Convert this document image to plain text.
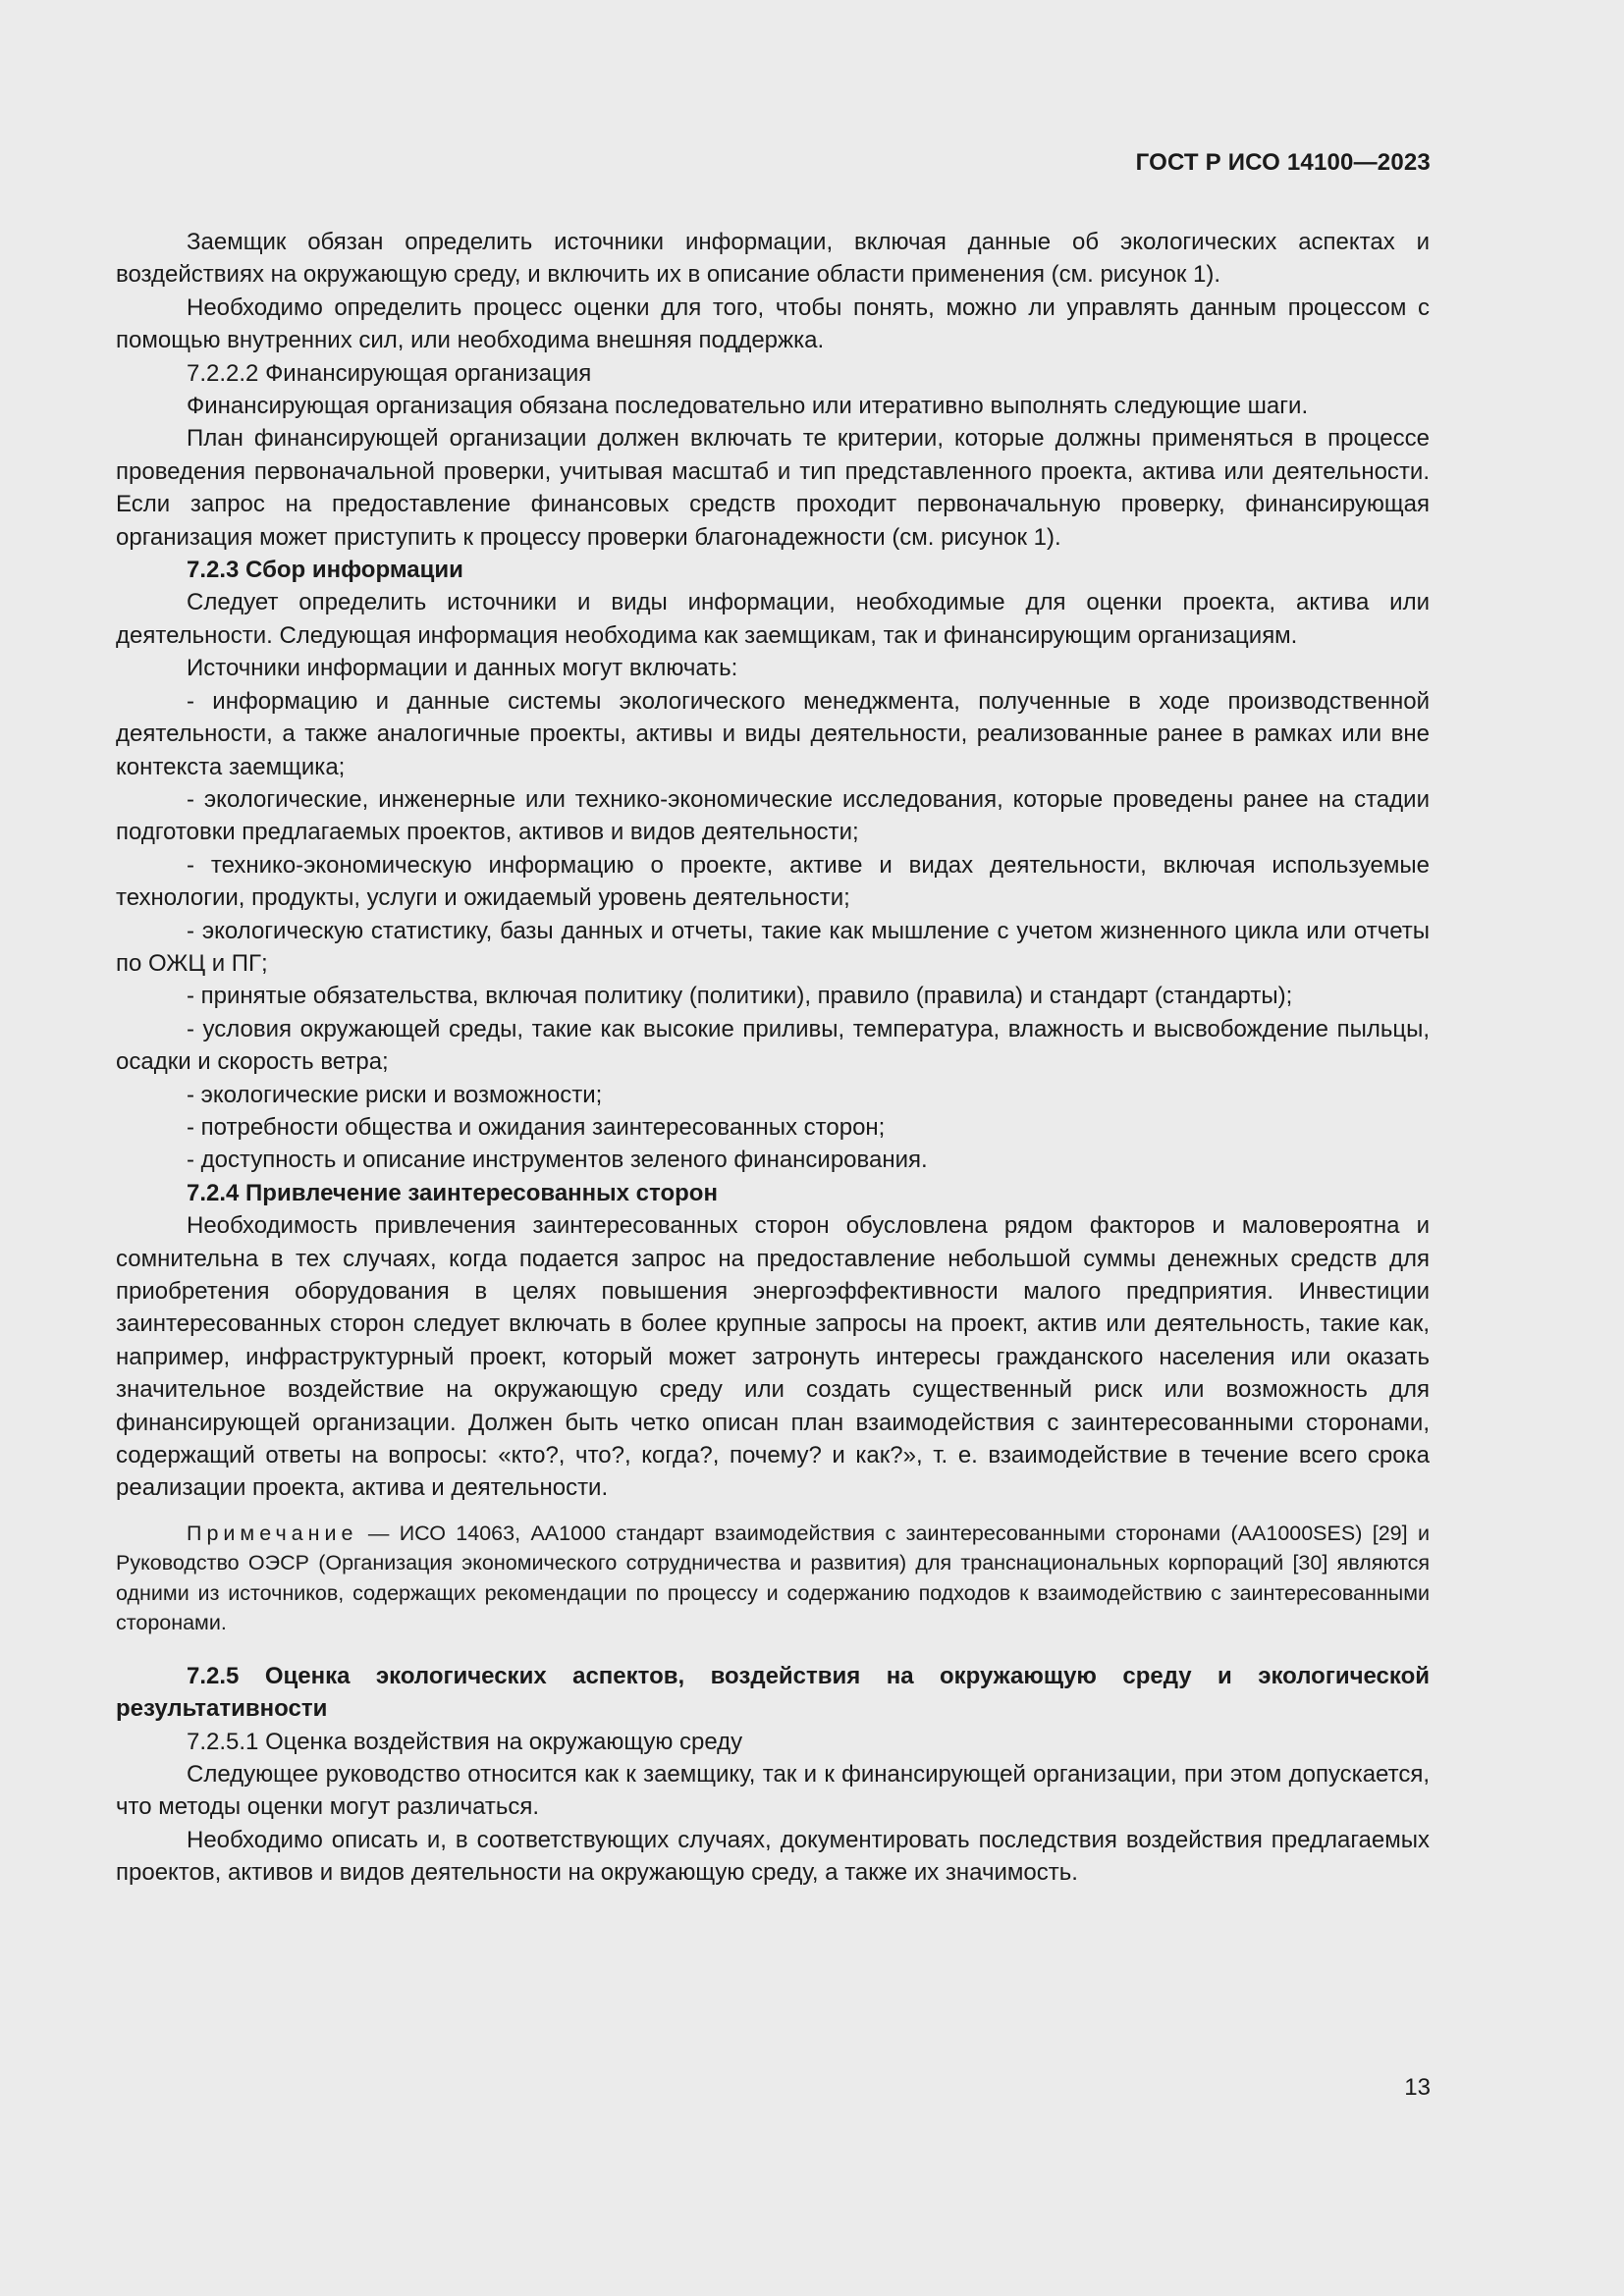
ГОСТ Р ИСО 14100—2023

Заемщик обязан определить источники информации, включая данные об экологических аспектах и воздействиях на окружающую среду, и включить их в описание области применения (см. рисунок 1).

Необходимо определить процесс оценки для того, чтобы понять, можно ли управлять данным процессом с помощью внутренних сил, или необходима внешняя поддержка.

7.2.2.2 Финансирующая организация

Финансирующая организация обязана последовательно или итеративно выполнять следующие шаги.

План финансирующей организации должен включать те критерии, которые должны применяться в процессе проведения первоначальной проверки, учитывая масштаб и тип представленного проекта, актива или деятельности. Если запрос на предоставление финансовых средств проходит первоначальную проверку, финансирующая организация может приступить к процессу проверки благонадежности (см. рисунок 1).

7.2.3 Сбор информации

Следует определить источники и виды информации, необходимые для оценки проекта, актива или деятельности. Следующая информация необходима как заемщикам, так и финансирующим организациям.

Источники информации и данных могут включать:

- информацию и данные системы экологического менеджмента, полученные в ходе производственной деятельности, а также аналогичные проекты, активы и виды деятельности, реализованные ранее в рамках или вне контекста заемщика;

- экологические, инженерные или технико-экономические исследования, которые проведены ранее на стадии подготовки предлагаемых проектов, активов и видов деятельности;

- технико-экономическую информацию о проекте, активе и видах деятельности, включая используемые технологии, продукты, услуги и ожидаемый уровень деятельности;

- экологическую статистику, базы данных и отчеты, такие как мышление с учетом жизненного цикла или отчеты по ОЖЦ и ПГ;

- принятые обязательства, включая политику (политики), правило (правила) и стандарт (стандарты);

- условия окружающей среды, такие как высокие приливы, температура, влажность и высвобождение пыльцы, осадки и скорость ветра;

- экологические риски и возможности;

- потребности общества и ожидания заинтересованных сторон;

- доступность и описание инструментов зеленого финансирования.

7.2.4 Привлечение заинтересованных сторон

Необходимость привлечения заинтересованных сторон обусловлена рядом факторов и маловероятна и сомнительна в тех случаях, когда подается запрос на предоставление небольшой суммы денежных средств для приобретения оборудования в целях повышения энергоэффективности малого предприятия. Инвестиции заинтересованных сторон следует включать в более крупные запросы на проект, актив или деятельность, такие как, например, инфраструктурный проект, который может затронуть интересы гражданского населения или оказать значительное воздействие на окружающую среду или создать существенный риск или возможность для финансирующей организации. Должен быть четко описан план взаимодействия с заинтересованными сторонами, содержащий ответы на вопросы: «кто?, что?, когда?, почему? и как?», т. е. взаимодействие в течение всего срока реализации проекта, актива и деятельности.

Примечание — ИСО 14063, АА1000 стандарт взаимодействия с заинтересованными сторонами (АА1000SES) [29] и Руководство ОЭСР (Организация экономического сотрудничества и развития) для транснациональных корпораций [30] являются одними из источников, содержащих рекомендации по процессу и содержанию подходов к взаимодействию с заинтересованными сторонами.

7.2.5 Оценка экологических аспектов, воздействия на окружающую среду и экологической результативности

7.2.5.1 Оценка воздействия на окружающую среду

Следующее руководство относится как к заемщику, так и к финансирующей организации, при этом допускается, что методы оценки могут различаться.

Необходимо описать и, в соответствующих случаях, документировать последствия воздействия предлагаемых проектов, активов и видов деятельности на окружающую среду, а также их значимость.

13
